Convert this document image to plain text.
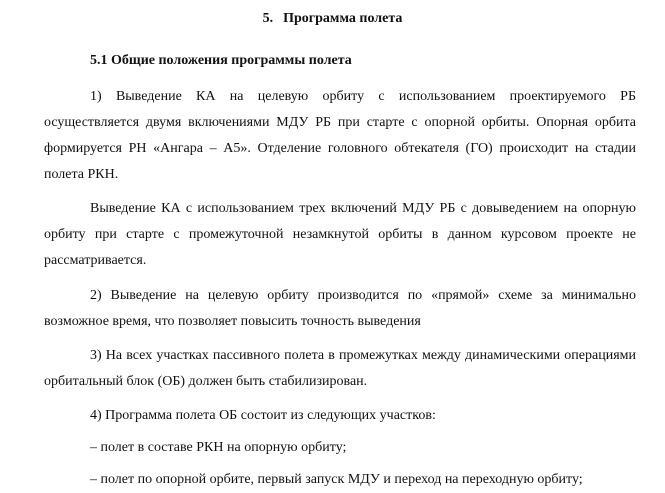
5. Программа полета
5.1 Общие положения программы полета

1) Выведение КА на целевую орбиту с использованием проектируемого РБ осуществляется двумя включениями МДУ РБ при старте с опорной орбиты. Опорная орбита формируется РН «Ангара – А5». Отделение головного обтекателя (ГО) происходит на стадии полета РКН.

Выведение КА с использованием трех включений МДУ РБ с довыведением на опорную орбиту при старте с промежуточной незамкнутой орбиты в данном курсовом проекте не рассматривается.

2) Выведение на целевую орбиту производится по «прямой» схеме за минимально возможное время, что позволяет повысить точность выведения

3) На всех участках пассивного полета в промежутках между динамическими операциями орбитальный блок (ОБ) должен быть стабилизирован.

4) Программа полета ОБ состоит из следующих участков:
– полет в составе РКН на опорную орбиту;
– полет по опорной орбите, первый запуск МДУ и переход на переходную орбиту;
